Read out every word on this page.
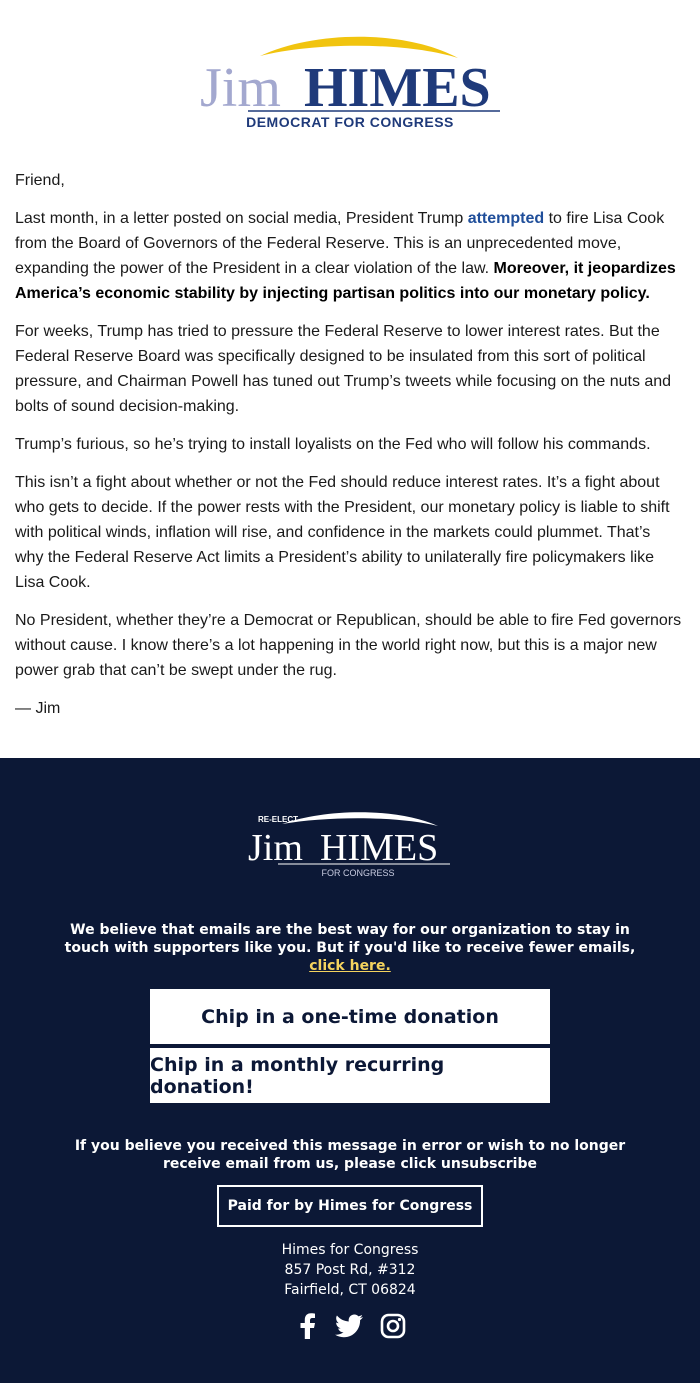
Jim HIMES
DEMOCRAT FOR CONGRESS

Friend,

Last month, in a letter posted on social media, President Trump attempted to fire Lisa Cook from the Board of Governors of the Federal Reserve. This is an unprecedented move, expanding the power of the President in a clear violation of the law. Moreover, it jeopardizes America’s economic stability by injecting partisan politics into our monetary policy.

For weeks, Trump has tried to pressure the Federal Reserve to lower interest rates. But the Federal Reserve Board was specifically designed to be insulated from this sort of political pressure, and Chairman Powell has tuned out Trump’s tweets while focusing on the nuts and bolts of sound decision-making.

Trump’s furious, so he’s trying to install loyalists on the Fed who will follow his commands.

This isn’t a fight about whether or not the Fed should reduce interest rates. It’s a fight about who gets to decide. If the power rests with the President, our monetary policy is liable to shift with political winds, inflation will rise, and confidence in the markets could plummet. That’s why the Federal Reserve Act limits a President’s ability to unilaterally fire policymakers like Lisa Cook.

No President, whether they’re a Democrat or Republican, should be able to fire Fed governors without cause. I know there’s a lot happening in the world right now, but this is a major new power grab that can’t be swept under the rug.

— Jim

RE-ELECT
Jim HIMES
FOR CONGRESS
We believe that emails are the best way for our organization to stay in touch with supporters like you. But if you'd like to receive fewer emails,
click here.
Chip in a one-time donation
Chip in a monthly recurring donation!
If you believe you received this message in error or wish to no longer receive email from us, please click unsubscribe
Paid for by Himes for Congress
Himes for Congress
857 Post Rd, #312
Fairfield, CT 06824
